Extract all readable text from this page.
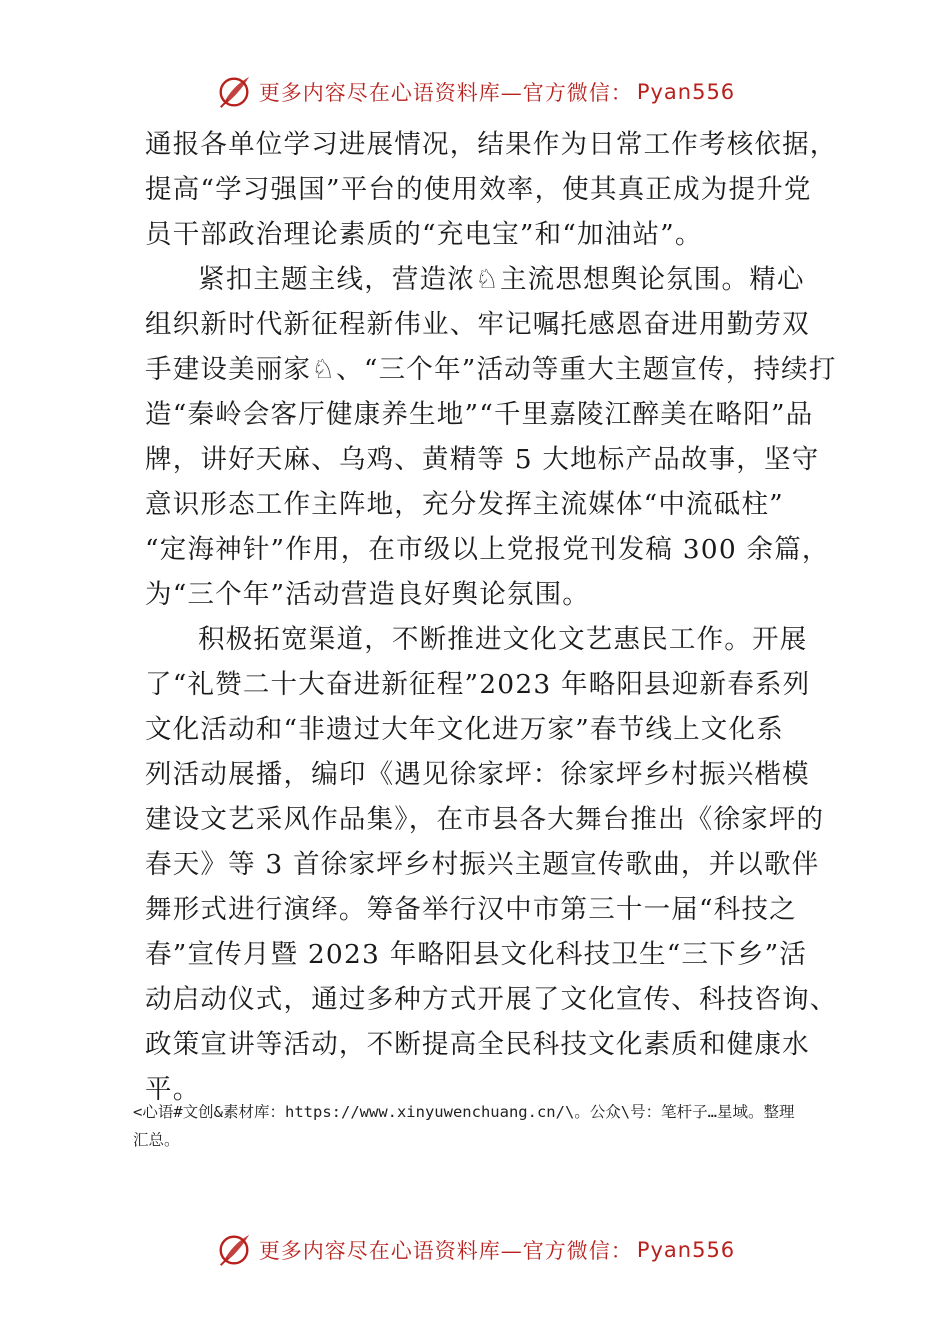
更多内容尽在心语资料库—官方微信： Pyan556
通报各单位学习进展情况，结果作为日常工作考核依据，
提高“学习强国”平台的使用效率，使其真正成为提升党
员干部政治理论素质的“充电宝”和“加油站”。
紧扣主题主线，营造浓♘主流思想舆论氛围。精心
组织新时代新征程新伟业、牢记嘱托感恩奋进用勤劳双
手建设美丽家♘、“三个年”活动等重大主题宣传，持续打
造“秦岭会客厅健康养生地”“千里嘉陵江醉美在略阳”品
牌，讲好天麻、乌鸡、黄精等 5 大地标产品故事，坚守
意识形态工作主阵地，充分发挥主流媒体“中流砥柱”
“定海神针”作用，在市级以上党报党刊发稿 300 余篇，
为“三个年”活动营造良好舆论氛围。
积极拓宽渠道，不断推进文化文艺惠民工作。开展
了“礼赞二十大奋进新征程”2023 年略阳县迎新春系列
文化活动和“非遗过大年文化进万家”春节线上文化系
列活动展播，编印《遇见徐家坪：徐家坪乡村振兴楷模
建设文艺采风作品集》，在市县各大舞台推出《徐家坪的
春天》等 3 首徐家坪乡村振兴主题宣传歌曲，并以歌伴
舞形式进行演绎。筹备举行汉中市第三十一届“科技之
春”宣传月暨 2023 年略阳县文化科技卫生“三下乡”活
动启动仪式，通过多种方式开展了文化宣传、科技咨询、
政策宣讲等活动，不断提高全民科技文化素质和健康水
平。
<心语#文创&素材库：https://www.xinyuwenchuang.cn/\。公众\号：笔杆子…星域。整理
汇总。
更多内容尽在心语资料库—官方微信： Pyan556
